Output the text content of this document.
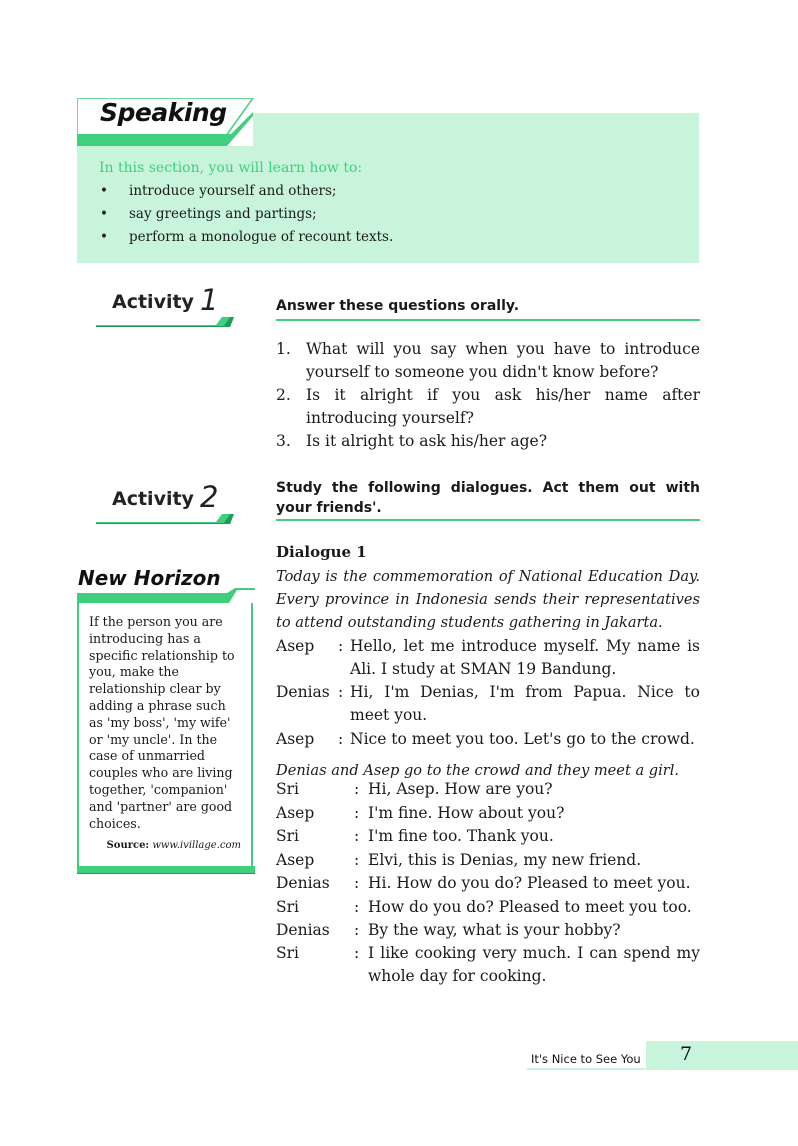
Speaking
In this section, you will learn how to:
• introduce yourself and others;
• say greetings and partings;
• perform a monologue of recount texts.
Activity 1	Answer these questions orally.
1. What will you say when you have to introduce yourself to someone you didn't know before?
2. Is it alright if you ask his/her name after introducing yourself?
3. Is it alright to ask his/her age?
Activity 2	Study the following dialogues. Act them out with your friends'.
New Horizon
If the person you are introducing has a specific relationship to you, make the relationship clear by adding a phrase such as 'my boss', 'my wife' or 'my uncle'. In the case of unmarried couples who are living together, 'companion' and 'partner' are good choices.
Source: www.ivillage.com
Dialogue 1
Today is the commemoration of National Education Day. Every province in Indonesia sends their representatives to attend outstanding students gathering in Jakarta.
Asep : Hello, let me introduce myself. My name is Ali. I study at SMAN 19 Bandung.
Denias : Hi, I'm Denias, I'm from Papua. Nice to meet you.
Asep : Nice to meet you too. Let's go to the crowd.
Denias and Asep go to the crowd and they meet a girl.
Sri	: Hi, Asep. How are you?
Asep	: I'm fine. How about you?
Sri	: I'm fine too. Thank you.
Asep	: Elvi, this is Denias, my new friend.
Denias : Hi. How do you do? Pleased to meet you.
Sri	: How do you do? Pleased to meet you too.
Denias : By the way, what is your hobby?
Sri	: I like cooking very much. I can spend my whole day for cooking.
It's Nice to See You 7
